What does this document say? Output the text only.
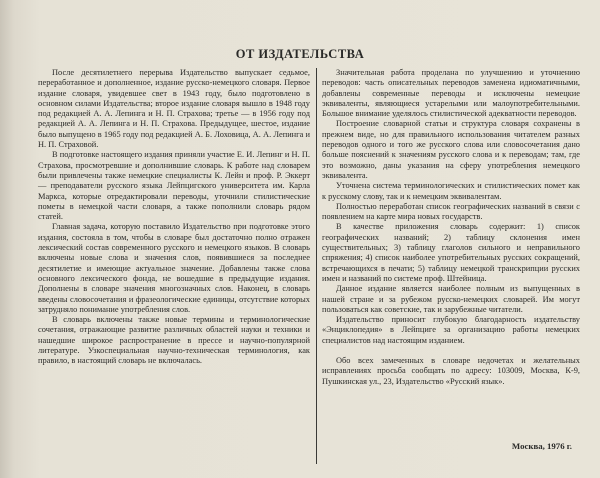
ОТ ИЗДАТЕЛЬСТВА

После десятилетнего перерыва Издательство выпускает седьмое, переработанное и дополненное, издание русско-немецкого словаря. Первое издание словаря, увидевшее свет в 1943 году, было подготовлено в основном силами Издательства; второе издание словаря вышло в 1948 году под редакцией А. А. Лепинга и Н. П. Страхова; третье — в 1956 году под редакцией А. А. Лепинга и Н. П. Страхова. Предыдущее, шестое, издание было выпущено в 1965 году под редакцией А. Б. Лоховица, А. А. Лепинга и Н. П. Страховой.

В подготовке настоящего издания приняли участие Е. И. Лепинг и Н. П. Страхова, просмотревшие и дополнившие словарь. К работе над словарем были привлечены также немецкие специалисты К. Лейн и проф. Р. Эккерт — преподаватели русского языка Лейпцигского университета им. Карла Маркса, которые отредактировали переводы, уточнили стилистические пометы в немецкой части словаря, а также пополнили словарь рядом статей.

Главная задача, которую поставило Издательство при подготовке этого издания, состояла в том, чтобы в словаре был достаточно полно отражен лексический состав современного русского и немецкого языков. В словарь включены новые слова и значения слов, появившиеся за последнее десятилетие и имеющие актуальное значение. Добавлены также слова основного лексического фонда, не вошедшие в предыдущие издания. Дополнены в словаре значения многозначных слов. Наконец, в словарь введены словосочетания и фразеологические единицы, отсутствие которых затрудняло понимание употребления слов.

В словарь включены также новые термины и терминологические сочетания, отражающие развитие различных областей науки и техники и нашедшие широкое распространение в прессе и научно-популярной литературе. Узкоспециальная научно-техническая терминология, как правило, в настоящий словарь не включалась.

Значительная работа проделана по улучшению и уточнению переводов: часть описательных переводов заменена идиоматичными, добавлены современные переводы и исключены немецкие эквиваленты, являющиеся устарелыми или малоупотребительными. Большое внимание уделялось стилистической адекватности переводов.

Построение словарной статьи и структура словаря сохранены в прежнем виде, но для правильного использования читателем разных переводов одного и того же русского слова или словосочетания дано больше пояснений к значениям русского слова и к переводам; там, где это возможно, даны указания на сферу употребления немецкого эквивалента.

Уточнена система терминологических и стилистических помет как к русскому слову, так и к немецким эквивалентам.

Полностью переработан список географических названий в связи с появлением на карте мира новых государств.

В качестве приложения словарь содержит: 1) список географических названий; 2) таблицу склонения имен существительных; 3) таблицу глаголов сильного и неправильного спряжения; 4) список наиболее употребительных русских сокращений, встречающихся в печати; 5) таблицу немецкой транскрипции русских имен и названий по системе проф. Штейница.

Данное издание является наиболее полным из выпущенных в нашей стране и за рубежом русско-немецких словарей. Им могут пользоваться как советские, так и зарубежные читатели.

Издательство приносит глубокую благодарность издательству «Энциклопедия» в Лейпциге за организацию работы немецких специалистов над настоящим изданием.

Обо всех замеченных в словаре недочетах и желательных исправлениях просьба сообщать по адресу: 103009, Москва, К-9, Пушкинская ул., 23, Издательство «Русский язык».

Москва, 1976 г.
